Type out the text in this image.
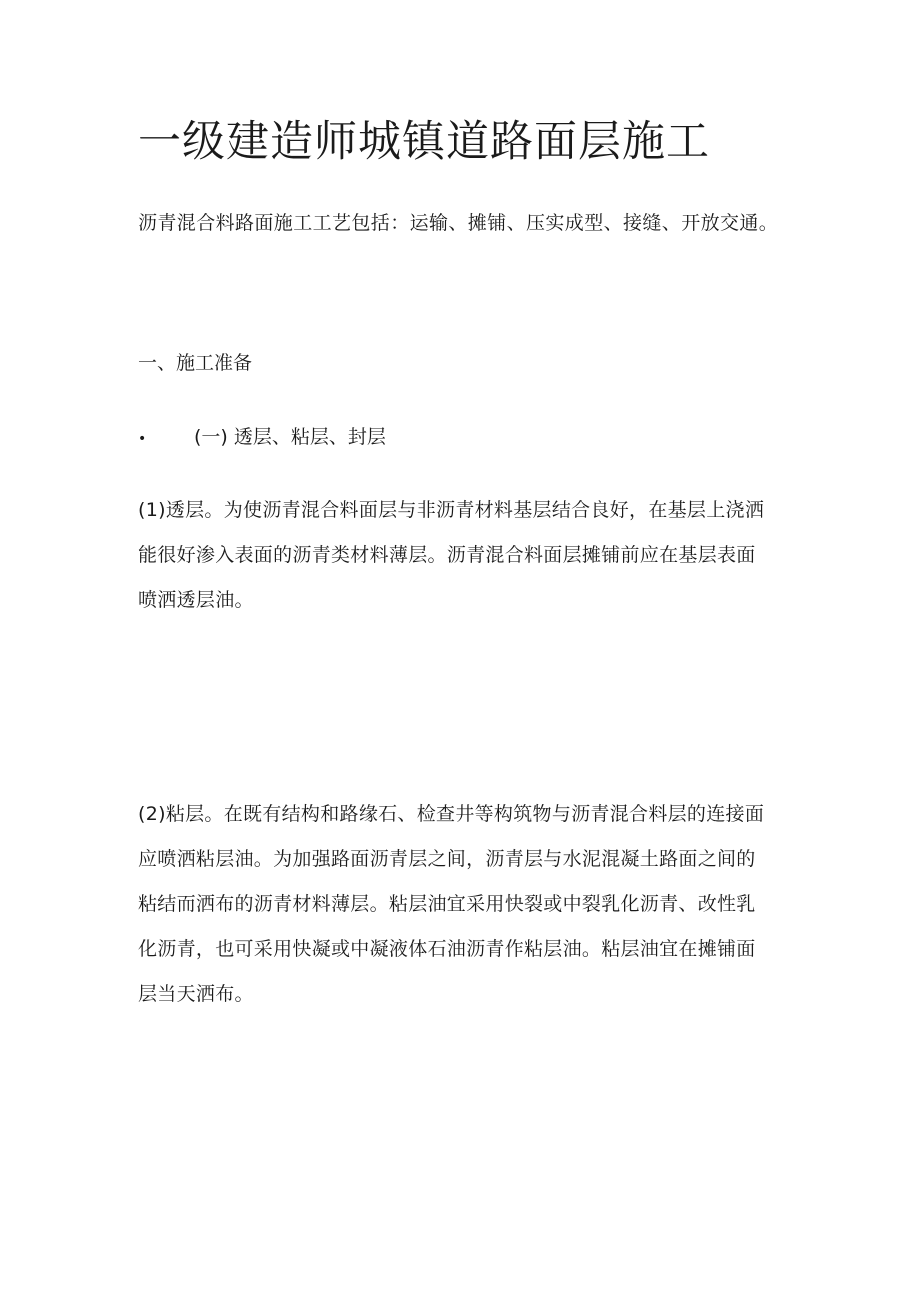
一级建造师城镇道路面层施工

沥青混合料路面施工工艺包括：运输、摊铺、压实成型、接缝、开放交通。

一、施工准备

•	(一) 透层、粘层、封层

(1)透层。为使沥青混合料面层与非沥青材料基层结合良好，在基层上浇洒
能很好渗入表面的沥青类材料薄层。沥青混合料面层摊铺前应在基层表面
喷洒透层油。
(2)粘层。在既有结构和路缘石、检查井等构筑物与沥青混合料层的连接面
应喷洒粘层油。为加强路面沥青层之间，沥青层与水泥混凝土路面之间的
粘结而洒布的沥青材料薄层。粘层油宜采用快裂或中裂乳化沥青、改性乳
化沥青，也可采用快凝或中凝液体石油沥青作粘层油。粘层油宜在摊铺面
层当天洒布。
